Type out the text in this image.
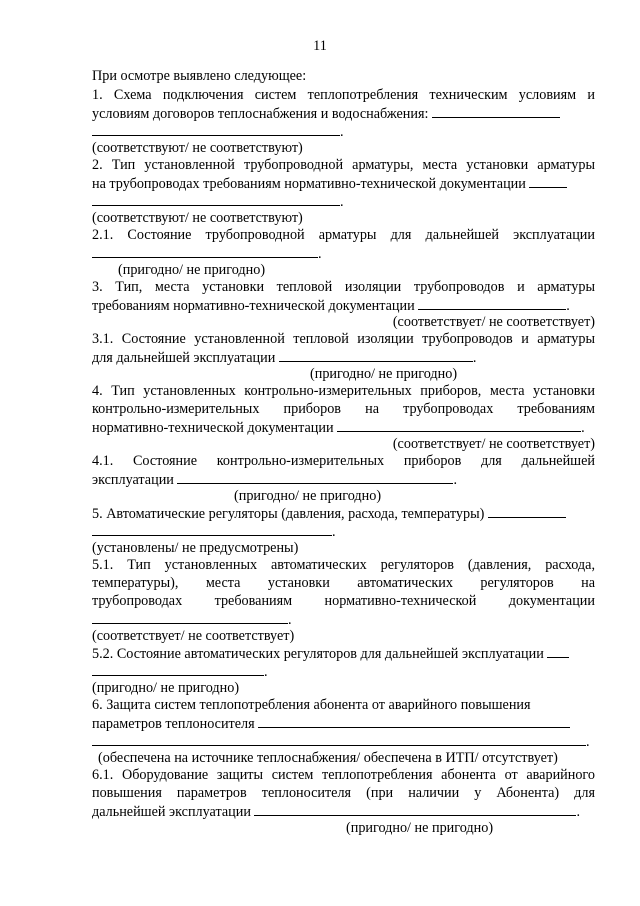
11
При осмотре выявлено следующее:
1. Схема подключения систем теплопотребления техническим условиям и
условиям договоров теплоснабжения и водоснабжения:
.
(соответствуют/ не соответствуют)
2. Тип установленной трубопроводной арматуры, места установки арматуры
на трубопроводах требованиям нормативно-технической документации
.
(соответствуют/ не соответствуют)
2.1. Состояние трубопроводной арматуры для дальнейшей эксплуатации
.
(пригодно/ не пригодно)
3. Тип, места установки тепловой изоляции трубопроводов и арматуры
требованиям нормативно-технической документации	.
(соответствует/ не соответствует)
3.1. Состояние установленной тепловой изоляции трубопроводов и арматуры
для дальнейшей эксплуатации	.
(пригодно/ не пригодно)
4. Тип установленных контрольно-измерительных приборов, места установки
контрольно-измерительных приборов на трубопроводах требованиям
нормативно-технической документации	.
(соответствует/ не соответствует)
4.1. Состояние контрольно-измерительных приборов для дальнейшей
эксплуатации	.
(пригодно/ не пригодно)
5. Автоматические регуляторы (давления, расхода, температуры)
.
(установлены/ не предусмотрены)
5.1. Тип установленных автоматических регуляторов (давления, расхода,
температуры), места установки автоматических регуляторов на
трубопроводах требованиям нормативно-технической документации
.
(соответствует/ не соответствует)
5.2. Состояние автоматических регуляторов для дальнейшей эксплуатации
.
(пригодно/ не пригодно)
6. Защита систем теплопотребления абонента от аварийного повышения
параметров теплоносителя
.
(обеспечена на источнике теплоснабжения/ обеспечена в ИТП/ отсутствует)
6.1. Оборудование защиты систем теплопотребления абонента от аварийного
повышения параметров теплоносителя (при наличии у Абонента) для
дальнейшей эксплуатации	.
(пригодно/ не пригодно)
